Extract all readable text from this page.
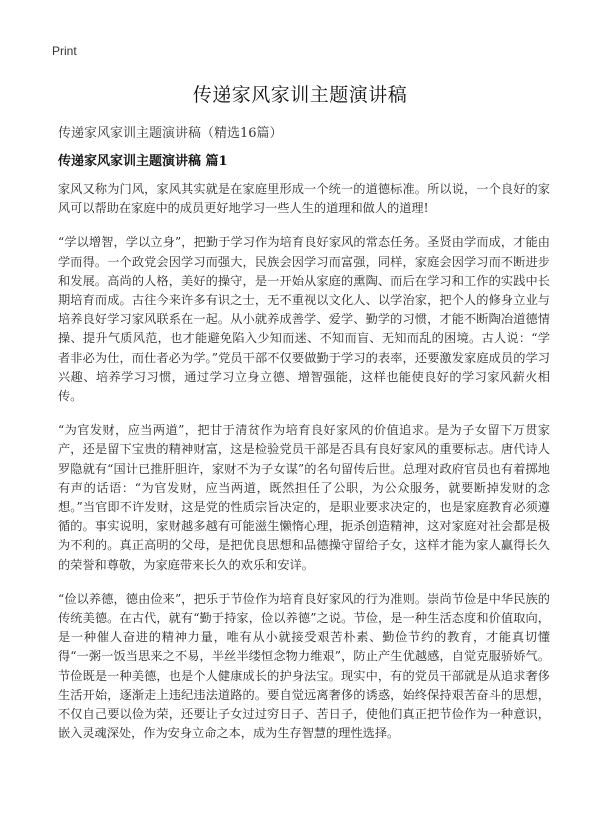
Print
传递家风家训主题演讲稿
传递家风家训主题演讲稿（精选16篇）
传递家风家训主题演讲稿 篇1

家风又称为门风，家风其实就是在家庭里形成一个统一的道德标准。所以说，一个良好的家风可以帮助在家庭中的成员更好地学习一些人生的道理和做人的道理!

“学以增智，学以立身”，把勤于学习作为培育良好家风的常态任务。圣贤由学而成，才能由学而得。一个政党会因学习而强大，民族会因学习而富强，同样，家庭会因学习而不断进步和发展。高尚的人格，美好的操守，是一开始从家庭的熏陶、而后在学习和工作的实践中长期培育而成。古往今来许多有识之士，无不重视以文化人、以学治家，把个人的修身立业与培养良好学习家风联系在一起。从小就养成善学、爱学、勤学的习惯，才能不断陶冶道德情操、提升气质风范，也才能避免陷入少知而迷、不知而盲、无知而乱的困境。古人说：“学者非必为仕，而仕者必为学。”党员干部不仅要做勤于学习的表率，还要激发家庭成员的学习兴趣、培养学习习惯，通过学习立身立德、增智强能，这样也能使良好的学习家风薪火相传。

“为官发财，应当两道”，把甘于清贫作为培育良好家风的价值追求。是为子女留下万贯家产，还是留下宝贵的精神财富，这是检验党员干部是否具有良好家风的重要标志。唐代诗人罗隐就有“国计已推肝胆许，家财不为子女谋”的名句留传后世。总理对政府官员也有着掷地有声的话语：“为官发财，应当两道，既然担任了公职，为公众服务，就要断掉发财的念想。”当官即不许发财，这是党的性质宗旨决定的，是职业要求决定的，也是家庭教育必须遵循的。事实说明，家财越多越有可能滋生懒惰心理，扼杀创造精神，这对家庭对社会都是极为不利的。真正高明的父母，是把优良思想和品德操守留给子女，这样才能为家人赢得长久的荣誉和尊敬，为家庭带来长久的欢乐和安详。

“俭以养德，德由俭来”，把乐于节俭作为培育良好家风的行为准则。崇尚节俭是中华民族的传统美德。在古代，就有“勤于持家，俭以养德”之说。节俭，是一种生活态度和价值取向，是一种催人奋进的精神力量，唯有从小就接受艰苦朴素、勤俭节约的教育，才能真切懂得“一粥一饭当思来之不易，半丝半缕恒念物力维艰”，防止产生优越感，自觉克服骄娇气。节俭既是一种美德，也是个人健康成长的护身法宝。现实中，有的党员干部就是从追求奢侈生活开始，逐渐走上违纪违法道路的。要自觉远离奢侈的诱惑，始终保持艰苦奋斗的思想，不仅自己要以俭为荣，还要让子女过过穷日子、苦日子，使他们真正把节俭作为一种意识，嵌入灵魂深处，作为安身立命之本，成为生存智慧的理性选择。
